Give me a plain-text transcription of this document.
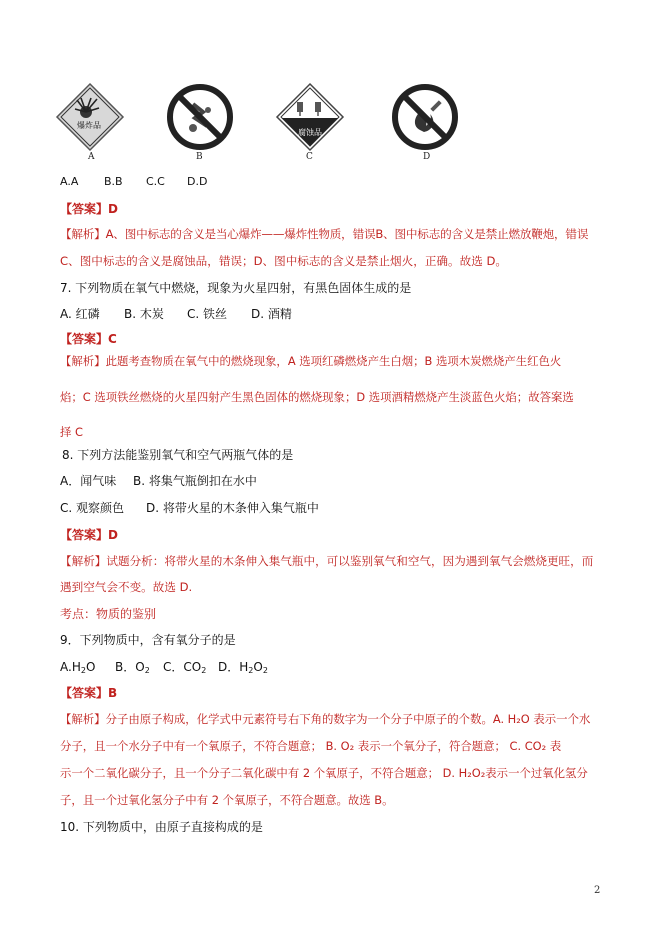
爆炸品
腐蚀品
A	B	C	D
A.A B.B C.C D.D
【答案】D
【解析】A、图中标志的含义是当心爆炸——爆炸性物质，错误B、图中标志的含义是禁止燃放鞭炮，错误
C、图中标志的含义是腐蚀品，错误；D、图中标志的含义是禁止烟火，正确。故选 D。
7. 下列物质在氧气中燃烧，现象为火星四射，有黑色固体生成的是
A. 红磷 B. 木炭 C. 铁丝 D. 酒精
【答案】C
【解析】此题考查物质在氧气中的燃烧现象，A 选项红磷燃烧产生白烟；B 选项木炭燃烧产生红色火
焰；C 选项铁丝燃烧的火星四射产生黑色固体的燃烧现象；D 选项酒精燃烧产生淡蓝色火焰；故答案选
择 C
8. 下列方法能鉴别氧气和空气两瓶气体的是
A．闻气味 B. 将集气瓶倒扣在水中
C. 观察颜色 D. 将带火星的木条伸入集气瓶中
【答案】D
【解析】试题分析：将带火星的木条伸入集气瓶中，可以鉴别氧气和空气，因为遇到氧气会燃烧更旺，而
遇到空气会不变。故选 D.
考点：物质的鉴别
9．下列物质中，含有氧分子的是
$A.H_2O$ B．$O_2$ C．$CO_2$ D．$H_2O_2$
【答案】B
【解析】分子由原子构成，化学式中元素符号右下角的数字为一个分子中原子的个数。A. H₂O 表示一个水
分子，且一个水分子中有一个氧原子，不符合题意； B. O₂ 表示一个氧分子，符合题意； C. CO₂ 表
示一个二氧化碳分子，且一个分子二氧化碳中有 2 个氧原子，不符合题意； D. H₂O₂表示一个过氧化氢分
子，且一个过氧化氢分子中有 2 个氧原子，不符合题意。故选 B。
10. 下列物质中，由原子直接构成的是
2
